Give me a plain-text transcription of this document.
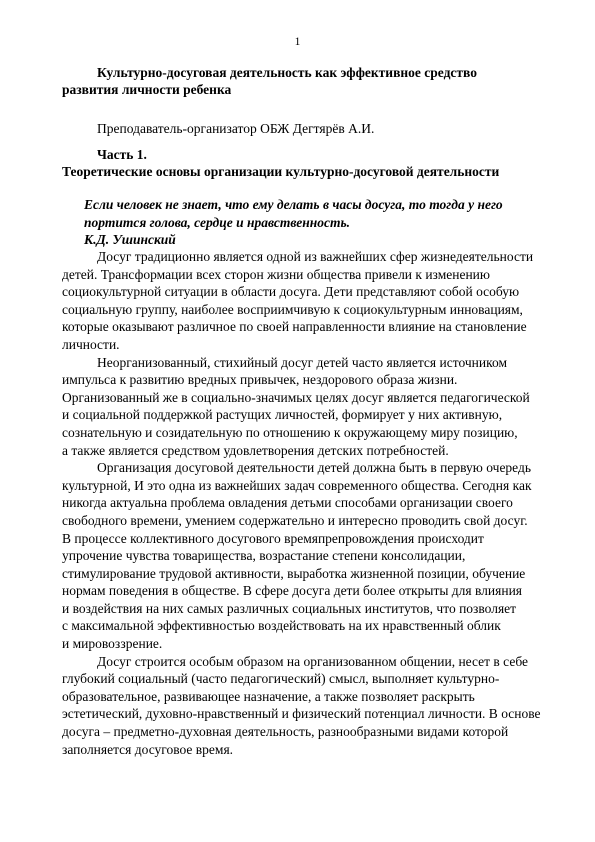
1
Культурно-досуговая деятельность как эффективное средство
развития личности ребенка
Преподаватель-организатор ОБЖ Дегтярёв А.И.
Часть 1.
Теоретические основы организации культурно-досуговой деятельности
Если человек не знает, что ему делать в часы досуга, то тогда у него
портится голова, сердце и нравственность.
К.Д. Ушинский
Досуг традиционно является одной из важнейших сфер жизнедеятельности
детей. Трансформации всех сторон жизни общества привели к изменению
социокультурной ситуации в области досуга. Дети представляют собой особую
социальную группу, наиболее восприимчивую к социокультурным инновациям,
которые оказывают различное по своей направленности влияние на становление
личности.
Неорганизованный, стихийный досуг детей часто является источником
импульса к развитию вредных привычек, нездорового образа жизни.
Организованный же в социально-значимых целях досуг является педагогической
и социальной поддержкой растущих личностей, формирует у них активную,
сознательную и созидательную по отношению к окружающему миру позицию,
а также является средством удовлетворения детских потребностей.
Организация досуговой деятельности детей должна быть в первую очередь
культурной, И это одна из важнейших задач современного общества. Сегодня как
никогда актуальна проблема овладения детьми способами организации своего
свободного времени, умением содержательно и интересно проводить свой досуг.
В процессе коллективного досугового времяпрепровождения происходит
упрочение чувства товарищества, возрастание степени консолидации,
стимулирование трудовой активности, выработка жизненной позиции, обучение
нормам поведения в обществе. В сфере досуга дети более открыты для влияния
и воздействия на них самых различных социальных институтов, что позволяет
с максимальной эффективностью воздействовать на их нравственный облик
и мировоззрение.
Досуг строится особым образом на организованном общении, несет в себе
глубокий социальный (часто педагогический) смысл, выполняет культурно-
образовательное, развивающее назначение, а также позволяет раскрыть
эстетический, духовно-нравственный и физический потенциал личности. В основе
досуга – предметно-духовная деятельность, разнообразными видами которой
заполняется досуговое время.
